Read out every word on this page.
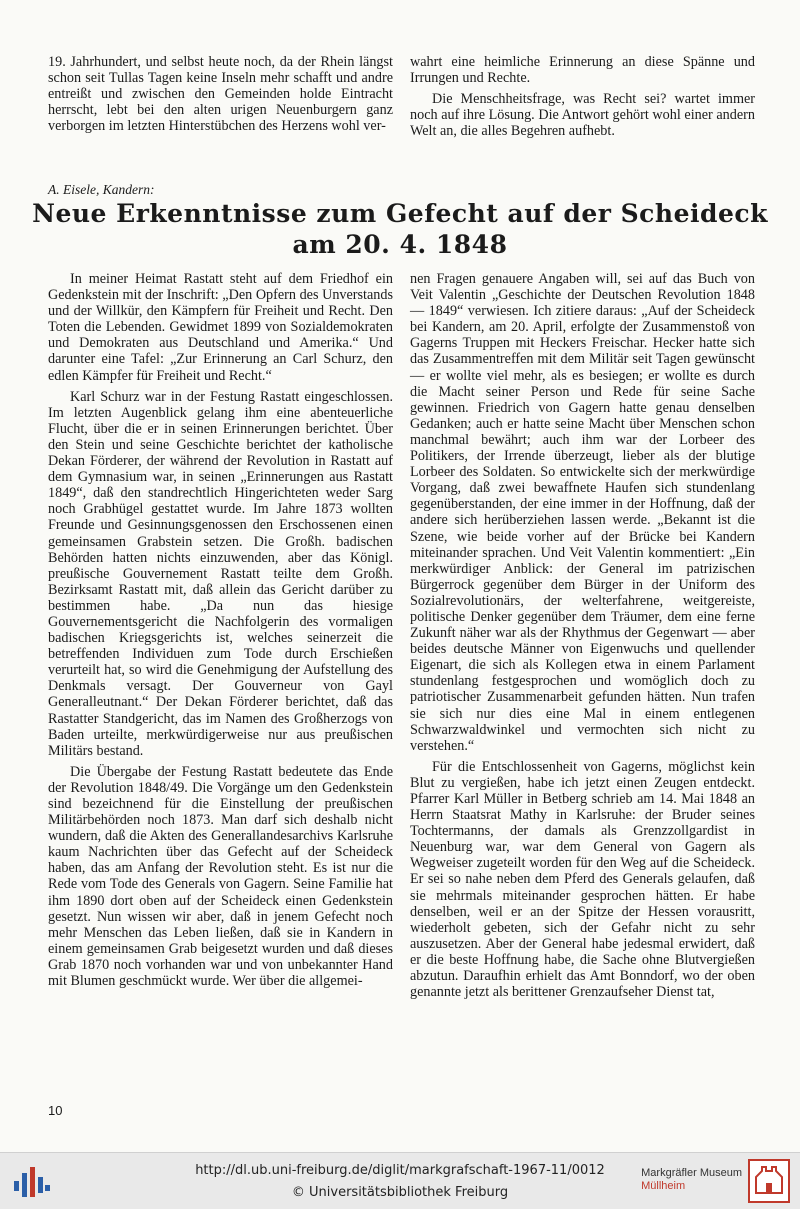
19. Jahrhundert, und selbst heute noch, da der Rhein längst schon seit Tullas Tagen keine Inseln mehr schafft und andre entreißt und zwischen den Gemeinden holde Eintracht herrscht, lebt bei den alten urigen Neuenburgern ganz verborgen im letzten Hinterstübchen des Herzens wohl ver-

wahrt eine heimliche Erinnerung an diese Spänne und Irrungen und Rechte.

Die Menschheitsfrage, was Recht sei? wartet immer noch auf ihre Lösung. Die Antwort gehört wohl einer andern Welt an, die alles Begehren aufhebt.

A. Eisele, Kandern:
Neue Erkenntnisse zum Gefecht auf der Scheideck
am 20. 4. 1848

In meiner Heimat Rastatt steht auf dem Friedhof ein Gedenkstein mit der Inschrift: „Den Opfern des Unverstands und der Willkür, den Kämpfern für Freiheit und Recht. Den Toten die Lebenden. Gewidmet 1899 von Sozialdemokraten und Demokraten aus Deutschland und Amerika.“ Und darunter eine Tafel: „Zur Erinnerung an Carl Schurz, den edlen Kämpfer für Freiheit und Recht.“

Karl Schurz war in der Festung Rastatt eingeschlossen. Im letzten Augenblick gelang ihm eine abenteuerliche Flucht, über die er in seinen Erinnerungen berichtet. Über den Stein und seine Geschichte berichtet der katholische Dekan Förderer, der während der Revolution in Rastatt auf dem Gymnasium war, in seinen „Erinnerungen aus Rastatt 1849“, daß den standrechtlich Hingerichteten weder Sarg noch Grabhügel gestattet wurde. Im Jahre 1873 wollten Freunde und Gesinnungsgenossen den Erschossenen einen gemeinsamen Grabstein setzen. Die Großh. badischen Behörden hatten nichts einzuwenden, aber das Königl. preußische Gouvernement Rastatt teilte dem Großh. Bezirksamt Rastatt mit, daß allein das Gericht darüber zu bestimmen habe. „Da nun das hiesige Gouvernementsgericht die Nachfolgerin des vormaligen badischen Kriegsgerichts ist, welches seinerzeit die betreffenden Individuen zum Tode durch Erschießen verurteilt hat, so wird die Genehmigung der Aufstellung des Denkmals versagt. Der Gouverneur von Gayl Generalleutnant.“ Der Dekan Förderer berichtet, daß das Rastatter Standgericht, das im Namen des Großherzogs von Baden urteilte, merkwürdigerweise nur aus preußischen Militärs bestand.

Die Übergabe der Festung Rastatt bedeutete das Ende der Revolution 1848/49. Die Vorgänge um den Gedenkstein sind bezeichnend für die Einstellung der preußischen Militärbehörden noch 1873. Man darf sich deshalb nicht wundern, daß die Akten des Generallandesarchivs Karlsruhe kaum Nachrichten über das Gefecht auf der Scheideck haben, das am Anfang der Revolution steht. Es ist nur die Rede vom Tode des Generals von Gagern. Seine Familie hat ihm 1890 dort oben auf der Scheideck einen Gedenkstein gesetzt. Nun wissen wir aber, daß in jenem Gefecht noch mehr Menschen das Leben ließen, daß sie in Kandern in einem gemeinsamen Grab beigesetzt wurden und daß dieses Grab 1870 noch vorhanden war und von unbekannter Hand mit Blumen geschmückt wurde. Wer über die allgemei-

nen Fragen genauere Angaben will, sei auf das Buch von Veit Valentin „Geschichte der Deutschen Revolution 1848 — 1849“ verwiesen. Ich zitiere daraus: „Auf der Scheideck bei Kandern, am 20. April, erfolgte der Zusammenstoß von Gagerns Truppen mit Heckers Freischar. Hecker hatte sich das Zusammentreffen mit dem Militär seit Tagen gewünscht — er wollte viel mehr, als es besiegen; er wollte es durch die Macht seiner Person und Rede für seine Sache gewinnen. Friedrich von Gagern hatte genau denselben Gedanken; auch er hatte seine Macht über Menschen schon manchmal bewährt; auch ihm war der Lorbeer des Politikers, der Irrende überzeugt, lieber als der blutige Lorbeer des Soldaten. So entwickelte sich der merkwürdige Vorgang, daß zwei bewaffnete Haufen sich stundenlang gegenüberstanden, der eine immer in der Hoffnung, daß der andere sich herüberziehen lassen werde. „Bekannt ist die Szene, wie beide vorher auf der Brücke bei Kandern miteinander sprachen. Und Veit Valentin kommentiert: „Ein merkwürdiger Anblick: der General im patrizischen Bürgerrock gegenüber dem Bürger in der Uniform des Sozialrevolutionärs, der welterfahrene, weitgereiste, politische Denker gegenüber dem Träumer, dem eine ferne Zukunft näher war als der Rhythmus der Gegenwart — aber beides deutsche Männer von Eigenwuchs und quellender Eigenart, die sich als Kollegen etwa in einem Parlament stundenlang festgesprochen und womöglich doch zu patriotischer Zusammenarbeit gefunden hätten. Nun trafen sie sich nur dies eine Mal in einem entlegenen Schwarzwaldwinkel und vermochten sich nicht zu verstehen.“

Für die Entschlossenheit von Gagerns, möglichst kein Blut zu vergießen, habe ich jetzt einen Zeugen entdeckt. Pfarrer Karl Müller in Betberg schrieb am 14. Mai 1848 an Herrn Staatsrat Mathy in Karlsruhe: der Bruder seines Tochtermanns, der damals als Grenzzollgardist in Neuenburg war, war dem General von Gagern als Wegweiser zugeteilt worden für den Weg auf die Scheideck. Er sei so nahe neben dem Pferd des Generals gelaufen, daß sie mehrmals miteinander gesprochen hätten. Er habe denselben, weil er an der Spitze der Hessen vorausritt, wiederholt gebeten, sich der Gefahr nicht zu sehr auszusetzen. Aber der General habe jedesmal erwidert, daß er die beste Hoffnung habe, die Sache ohne Blutvergießen abzutun. Daraufhin erhielt das Amt Bonndorf, wo der oben genannte jetzt als berittener Grenzaufseher Dienst tat,

10
http://dl.ub.uni-freiburg.de/diglit/markgrafschaft-1967-11/0012
© Universitätsbibliothek Freiburg
Markgräfler Museum
Müllheim
